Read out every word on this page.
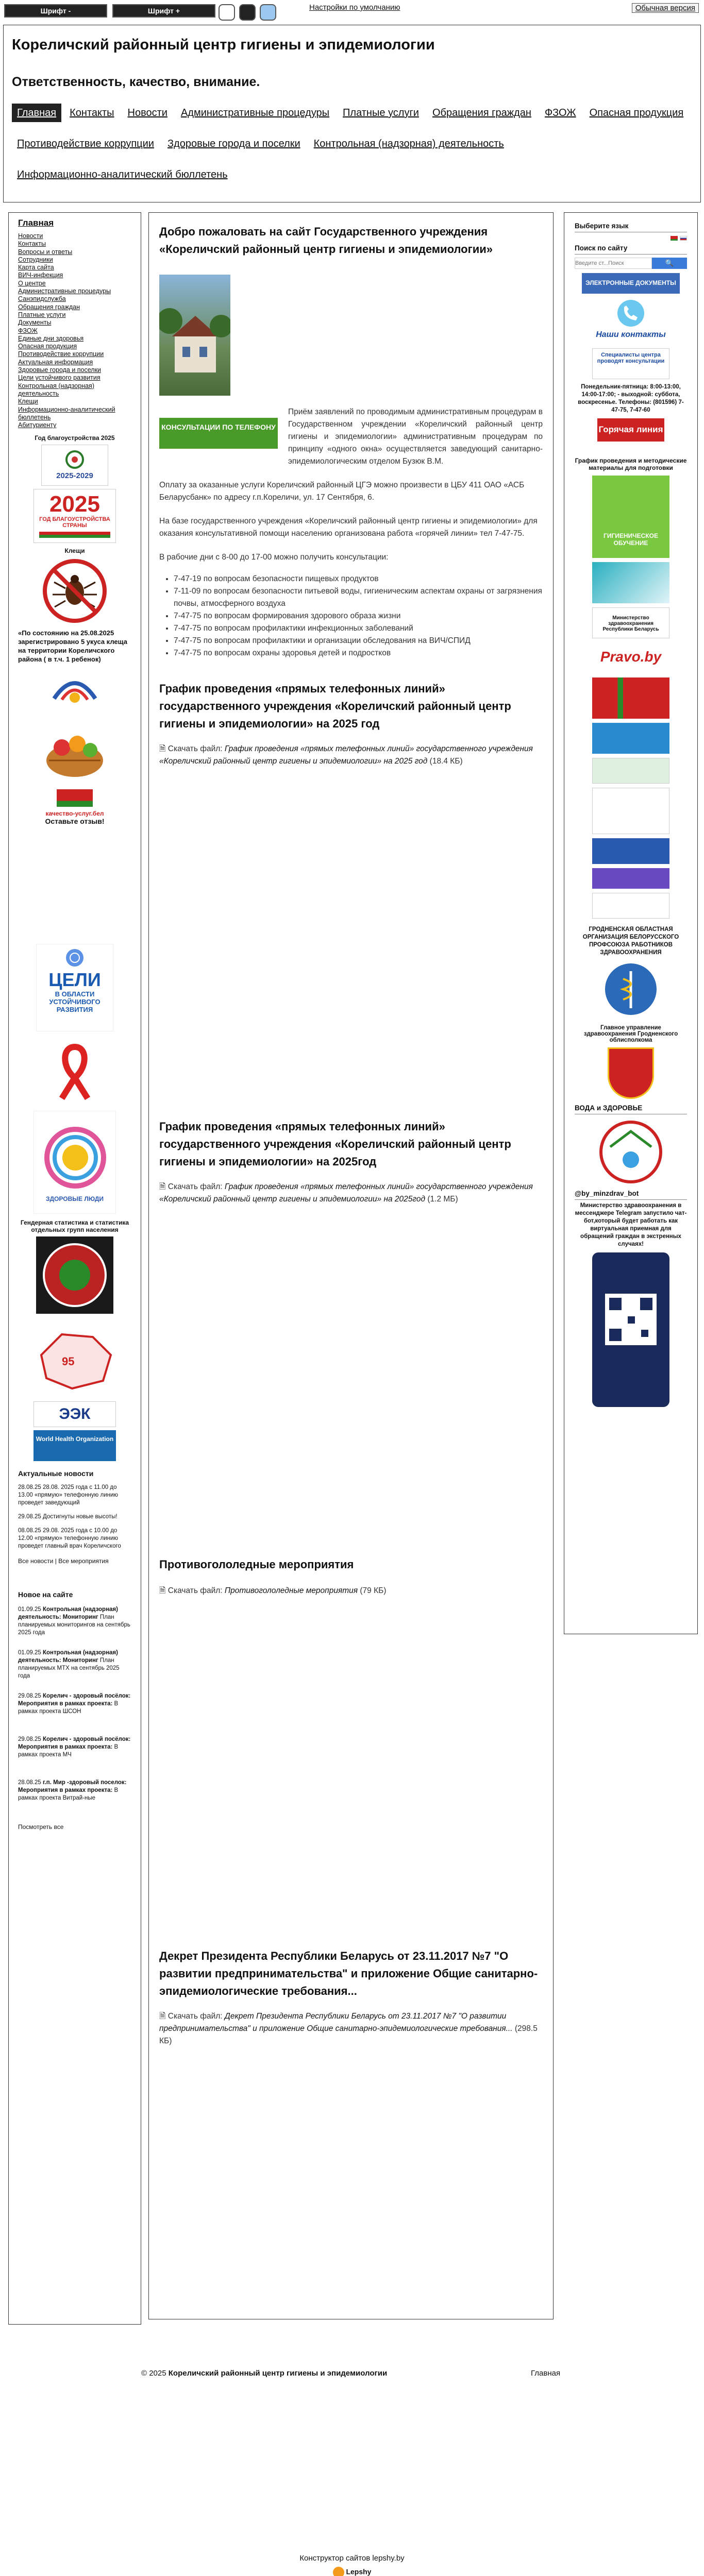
Шрифт -	Шрифт +	Настройки по умолчанию	Обычная версия
Кореличский районный центр гигиены и эпидемиологии
Ответственность, качество, внимание.
Главная Контакты Новости Административные процедуры Платные услуги Обращения граждан ФЗОЖ Опасная продукцияПротиводействие коррупции Здоровые города и поселки Контрольная (надзорная) деятельностьИнформационно-аналитический бюллетень
Главная
Новости
Контакты
Вопросы и ответы
Сотрудники
Карта сайта
ВИЧ-инфекция
О центре
Административные процедуры
Санэпидслужба
Обращения граждан
Платные услуги
Документы
ФЗОЖ
Единые дни здоровья
Опасная продукция
Противодействие коррупции
Актуальная информация
Здоровые города и поселки
Цели устойчивого развития
Контрольная (надзорная) деятельность
Клещи
Информационно-аналитический бюллетень
Абитуриенту
Год благоустройства 2025
2025-2029
2025
ГОД БЛАГОУСТРОЙСТВА СТРАНЫ
Клещи
«По состоянию на 25.08.2025 зарегистрировано 5 укуса клеща на территории Кореличского района ( в т.ч. 1 ребенок)
качество-услуг.бел
Оставьте отзыв!
ЦЕЛИ
В ОБЛАСТИ УСТОЙЧИВОГО РАЗВИТИЯ
ЗДОРОВЫЕ ЛЮДИ
Гендерная статистика и статистика отдельных групп населения
95
ЭЭК
World Health Organization
Актуальные новости
28.08.25 28.08. 2025 года с 11.00 до 13.00 «прямую» телефонную линию проведет заведующий
29.08.25 Достигнуты новые высоты!
08.08.25 29.08. 2025 года с 10.00 до 12.00 «прямую» телефонную линию проведет главный врач Кореличского
Все новости | Все мероприятия
Новое на сайте
01.09.25 Контрольная (надзорная) деятельность: Мониторинг План планируемых мониторингов на сентябрь 2025 года
01.09.25 Контрольная (надзорная) деятельность: Мониторинг План планируемых МТХ на сентябрь 2025 года
29.08.25 Корелич - здоровый посёлок: Мероприятия в рамках проекта: В рамках проекта ШСОН
29.08.25 Корелич - здоровый посёлок: Мероприятия в рамках проекта: В рамках проекта МЧ
28.08.25 г.п. Мир -здоровый поселок: Мероприятия в рамках проекта: В рамках проекта Витрай-ные
Посмотреть все
Добро пожаловать на сайт Государственного учреждения «Кореличский районный центр гигиены и эпидемиологии»
КОНСУЛЬТАЦИИ ПО ТЕЛЕФОНУ

Приём заявлений по проводимым административным процедурам в Государственном учреждении «Кореличский районный центр гигиены и эпидемиологии» административным процедурам по принципу «одного окна» осуществляется заведующий санитарно-эпидемиологическим отделом Бузюк В.М.

Оплату за оказанные услуги Кореличский районный ЦГЭ можно произвести в ЦБУ 411 ОАО «АСБ Беларусбанк» по адресу г.п.Кореличи, ул. 17 Сентября, 6.

На базе государственного учреждения «Кореличский районный центр гигиены и эпидемиологии» для оказания консультативной помощи населению организована работа «горячей линии» тел 7-47-75.

В рабочие дни с 8-00 до 17-00 можно получить консультации:

• 7-47-19 по вопросам безопасности пищевых продуктов
• 7-11-09 по вопросам безопасности питьевой воды, гигиеническим аспектам охраны от загрязнения почвы, атмосферного воздуха
• 7-47-75 по вопросам формирования здорового образа жизни
• 7-47-75 по вопросам профилактики инфекционных заболеваний
• 7-47-75 по вопросам профилактики и организации обследования на ВИЧ/СПИД
• 7-47-75 по вопросам охраны здоровья детей и подростков
График проведения «прямых телефонных линий» государственного учреждения «Кореличский районный центр гигиены и эпидемиологии» на 2025 год
🗎 Скачать файл: График проведения «прямых телефонных линий» государственного учреждения «Кореличский районный центр гигиены и эпидемиологии» на 2025 год (18.4 КБ)
График проведения «прямых телефонных линий» государственного учреждения «Кореличский районный центр гигиены и эпидемиологии» на 2025год
🗎 Скачать файл: График проведения «прямых телефонных линий» государственного учреждения «Кореличский районный центр гигиены и эпидемиологии» на 2025год (1.2 МБ)
Противогололедные мероприятия
🗎 Скачать файл: Противогололедные мероприятия (79 КБ)
Декрет Президента Республики Беларусь от 23.11.2017 №7 "О развитии предпринимательства" и приложение Общие санитарно-эпидемиологические требования...
🗎 Скачать файл: Декрет Президента Республики Беларусь от 23.11.2017 №7 "О развитии предпринимательства" и приложение Общие санитарно-эпидемиологические требования... (298.5 КБ)
Выберите язык

Поиск по сайту
Введите ст...Поиск
🔍
ЭЛЕКТРОННЫЕ ДОКУМЕНТЫ
Наши контакты
Специалисты центра проводят консультации
Понедельник-пятница: 8:00-13:00, 14:00-17:00; - выходной: суббота, воскресенье. Телефоны: (801596) 7-47-75, 7-47-60
Горячая линия
График проведения и методические материалы для подготовки
ГИГИЕНИЧЕСКОЕ ОБУЧЕНИЕ
Министерство здравоохранения Республики Беларусь
Pravo.by
ГРОДНЕНСКАЯ ОБЛАСТНАЯ ОРГАНИЗАЦИЯ БЕЛОРУССКОГО ПРОФСОЮЗА РАБОТНИКОВ ЗДРАВООХРАНЕНИЯ
Главное управление здравоохранения Гродненского облисполкома
ВОДА и ЗДОРОВЬЕ
@by_minzdrav_bot
Министерство здравоохранения в мессенджере Telegram запустило чат-бот,который будет работать как виртуальная приемная для обращений граждан в экстренных случаях!
© 2025 Кореличский районный центр гигиены и эпидемиологии	Главная
Конструктор сайтов lepshy.by
Lepshy
